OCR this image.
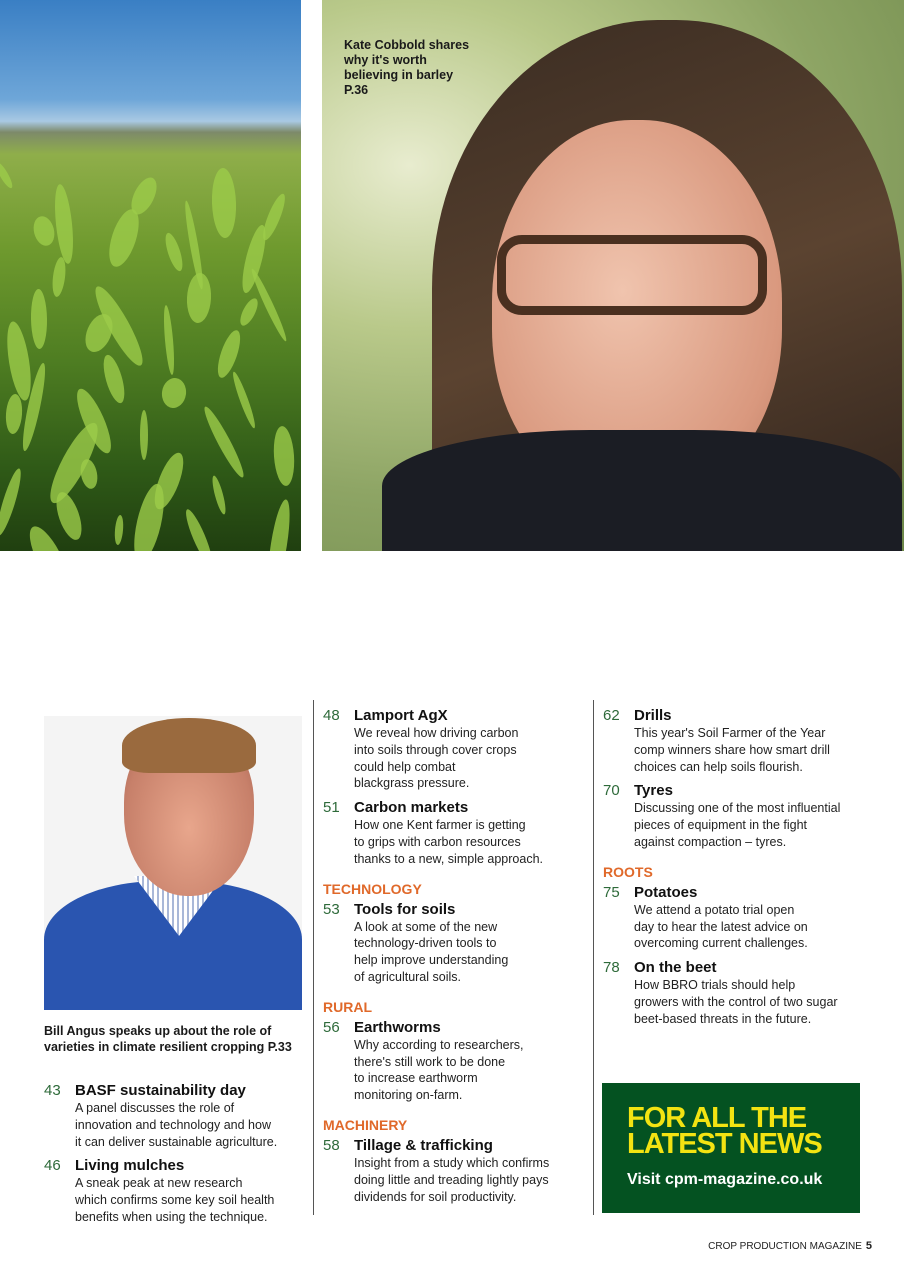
Kate Cobbold shares
why it's worth
believing in barley
P.36
Bill Angus speaks up about the role of
varieties in climate resilient cropping P.33
43 BASF sustainability day
A panel discusses the role of
innovation and technology and how
it can deliver sustainable agriculture.
46 Living mulches
A sneak peak at new research
which confirms some key soil health
benefits when using the technique.
48 Lamport AgX
We reveal how driving carbon
into soils through cover crops
could help combat
blackgrass pressure.
51 Carbon markets
How one Kent farmer is getting
to grips with carbon resources
thanks to a new, simple approach.
TECHNOLOGY
53 Tools for soils
A look at some of the new
technology-driven tools to
help improve understanding
of agricultural soils.
RURAL
56 Earthworms
Why according to researchers,
there's still work to be done
to increase earthworm
monitoring on-farm.
MACHINERY
58 Tillage & trafficking
Insight from a study which confirms
doing little and treading lightly pays
dividends for soil productivity.
62 Drills
This year's Soil Farmer of the Year
comp winners share how smart drill
choices can help soils flourish.
70 Tyres
Discussing one of the most influential
pieces of equipment in the fight
against compaction – tyres.
ROOTS
75 Potatoes
We attend a potato trial open
day to hear the latest advice on
overcoming current challenges.
78 On the beet
How BBRO trials should help
growers with the control of two sugar
beet-based threats in the future.
FOR ALL THE
LATEST NEWS
Visit cpm-magazine.co.uk
CROP PRODUCTION MAGAZINE 5
